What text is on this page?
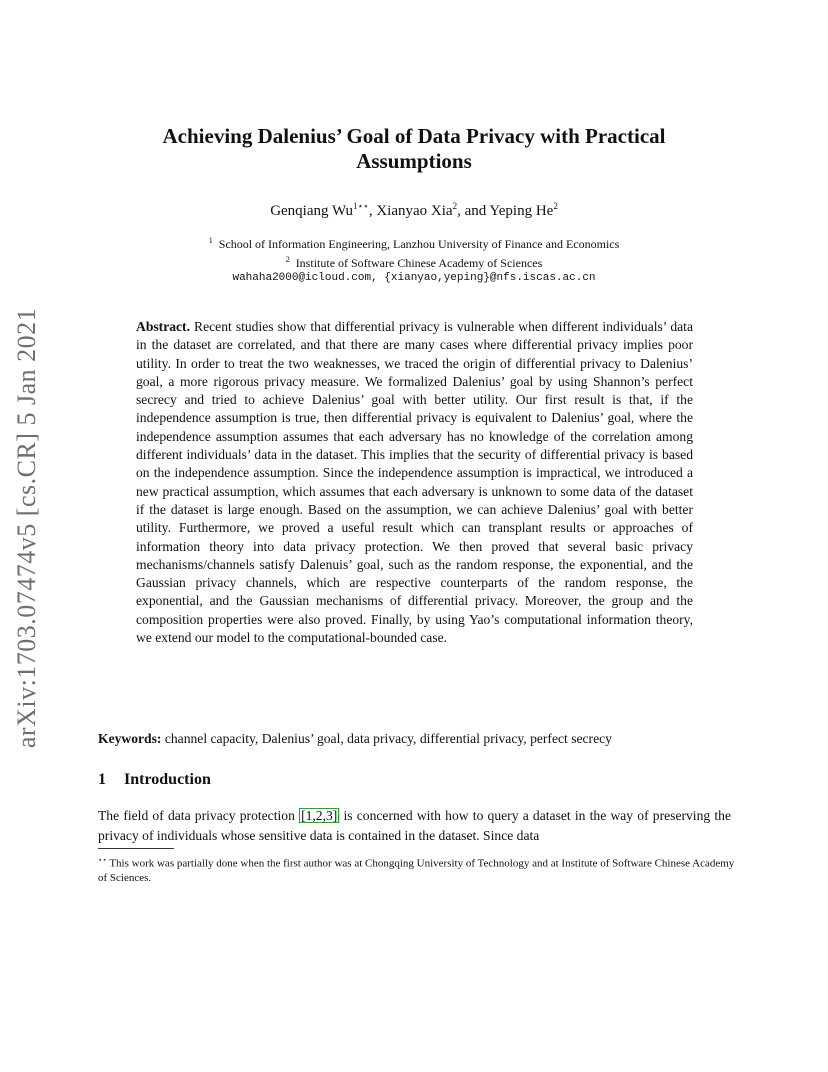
arXiv:1703.07474v5 [cs.CR] 5 Jan 2021
Achieving Dalenius’ Goal of Data Privacy with Practical
Assumptions
Genqiang $Wu^{1⋆⋆}$, Xianyao Xia$^2$, and Yeping He$^2$
$^1$ School of Information Engineering, Lanzhou University of Finance and Economics
$^2$ Institute of Software Chinese Academy of Sciences
wahaha2000@icloud.com, {xianyao,yeping}@nfs.iscas.ac.cn
Abstract. Recent studies show that differential privacy is vulnerable when different individuals’ data in the dataset are correlated, and that there are many cases where differential privacy implies poor utility. In order to treat the two weaknesses, we traced the origin of differential privacy to Dalenius’ goal, a more rigorous privacy measure. We formalized Dalenius’ goal by using Shannon’s perfect secrecy and tried to achieve Dalenius’ goal with better utility. Our first result is that, if the independence assumption is true, then differential privacy is equivalent to Dalenius’ goal, where the independence assumption assumes that each adversary has no knowledge of the correlation among different individuals’ data in the dataset. This implies that the security of differential privacy is based on the independence assumption. Since the independence assumption is impractical, we introduced a new practical assumption, which assumes that each adversary is unknown to some data of the dataset if the dataset is large enough. Based on the assumption, we can achieve Dalenius’ goal with better utility. Furthermore, we proved a useful result which can transplant results or approaches of information theory into data privacy protection. We then proved that several basic privacy mechanisms/channels satisfy Dalenuis’ goal, such as the random response, the exponential, and the Gaussian privacy channels, which are respective counterparts of the random response, the exponential, and the Gaussian mechanisms of differential privacy. Moreover, the group and the composition properties were also proved. Finally, by using Yao’s computational information theory, we extend our model to the computational-bounded case.
Keywords: channel capacity, Dalenius’ goal, data privacy, differential privacy, perfect secrecy
1 Introduction
The field of data privacy protection [1,2,3] is concerned with how to query a dataset in the way of preserving the privacy of individuals whose sensitive data is contained in the dataset. Since data
⋆⋆ This work was partially done when the first author was at Chongqing University of Technology and at Institute of Software Chinese Academy of Sciences.
